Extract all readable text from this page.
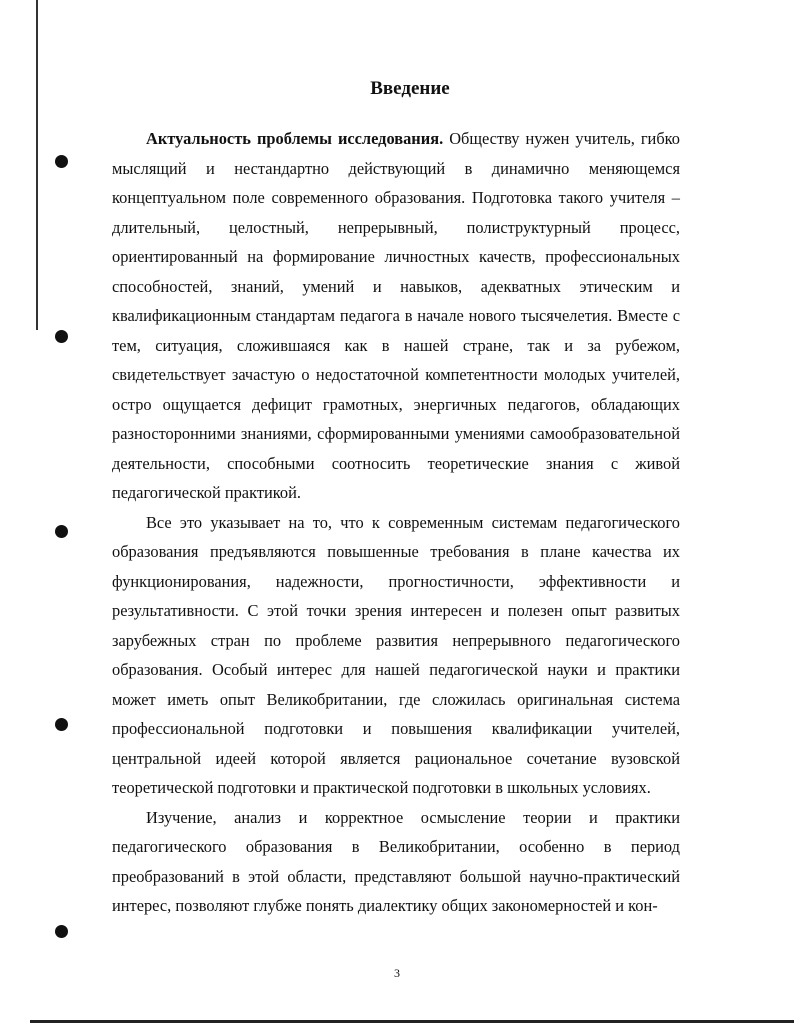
Введение

Актуальность проблемы исследования. Обществу нужен учитель, гибко мыслящий и нестандартно действующий в динамично меняющемся концептуальном поле современного образования. Подготовка такого учителя – длительный, целостный, непрерывный, полиструктурный процесс, ориентированный на формирование личностных качеств, профессиональных способностей, знаний, умений и навыков, адекватных этическим и квалификационным стандартам педагога в начале нового тысячелетия. Вместе с тем, ситуация, сложившаяся как в нашей стране, так и за рубежом, свидетельствует зачастую о недостаточной компетентности молодых учителей, остро ощущается дефицит грамотных, энергичных педагогов, обладающих разносторонними знаниями, сформированными умениями самообразовательной деятельности, способными соотносить теоретические знания с живой педагогической практикой.

Все это указывает на то, что к современным системам педагогического образования предъявляются повышенные требования в плане качества их функционирования, надежности, прогностичности, эффективности и результативности. С этой точки зрения интересен и полезен опыт развитых зарубежных стран по проблеме развития непрерывного педагогического образования. Особый интерес для нашей педагогической науки и практики может иметь опыт Великобритании, где сложилась оригинальная система профессиональной подготовки и повышения квалификации учителей, центральной идеей которой является рациональное сочетание вузовской теоретической подготовки и практической подготовки в школьных условиях.

Изучение, анализ и корректное осмысление теории и практики педагогического образования в Великобритании, особенно в период преобразований в этой области, представляют большой научно-практический интерес, позволяют глубже понять диалектику общих закономерностей и кон-

3
